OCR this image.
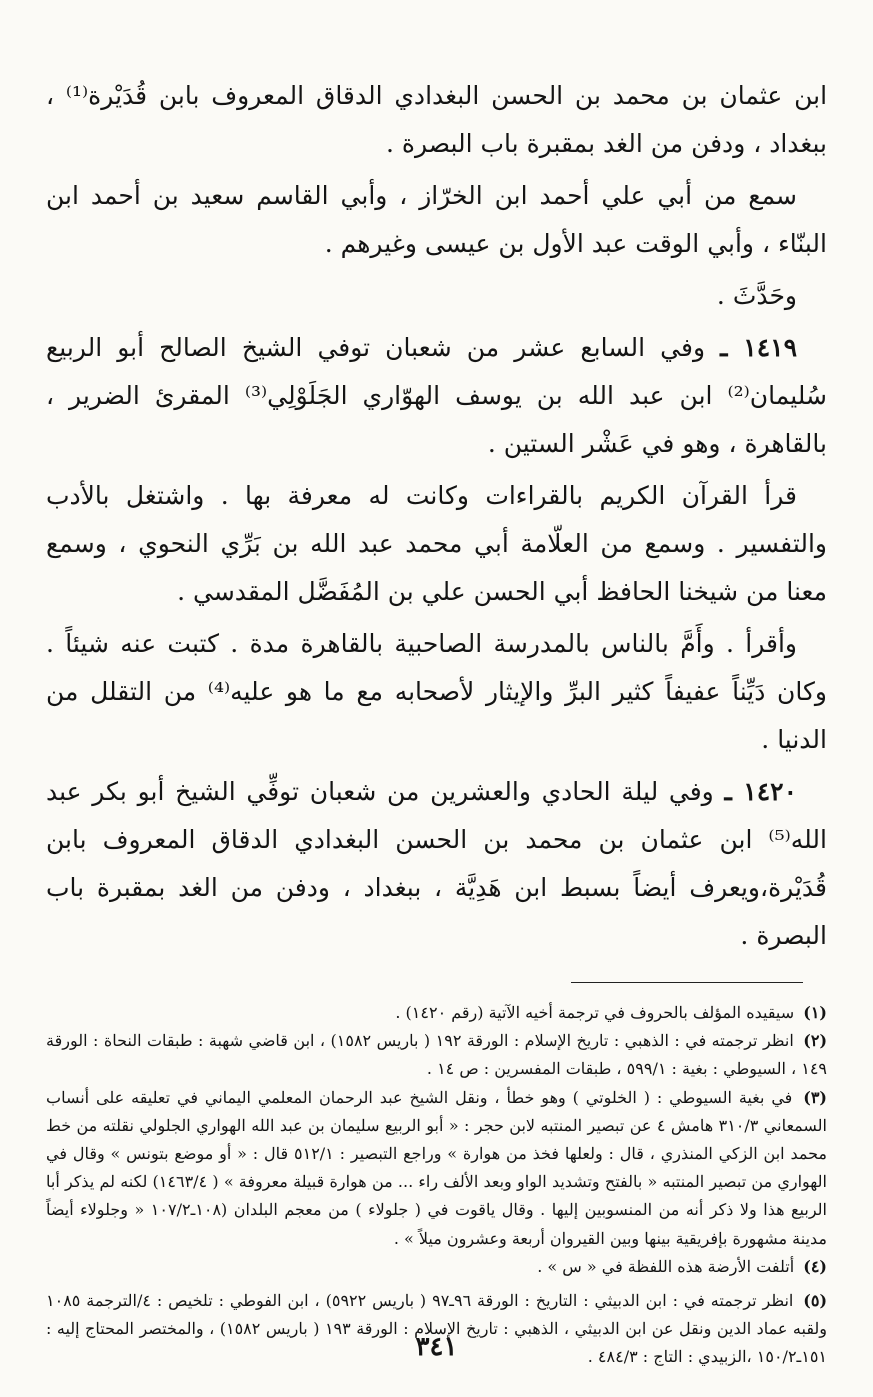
ابن عثمان بن محمد بن الحسن البغدادي الدقاق المعروف بابن قُدَيْرة⁽¹⁾ ، ببغداد ، ودفن من الغد بمقبرة باب البصرة .

سمع من أبي علي أحمد ابن الخرّاز ، وأبي القاسم سعيد بن أحمد ابن البنّاء ، وأبي الوقت عبد الأول بن عيسى وغيرهم .

وحَدَّثَ .

١٤١٩ ـ وفي السابع عشر من شعبان توفي الشيخ الصالح أبو الربيع سُليمان⁽²⁾ ابن عبد الله بن يوسف الهوّاري الجَلَوْلِي⁽³⁾ المقرئ الضرير ، بالقاهرة ، وهو في عَشْر الستين .

قرأ القرآن الكريم بالقراءات وكانت له معرفة بها . واشتغل بالأدب والتفسير . وسمع من العلّامة أبي محمد عبد الله بن بَرِّي النحوي ، وسمع معنا من شيخنا الحافظ أبي الحسن علي بن المُفَضَّل المقدسي .

وأقرأ . وأَمَّ بالناس بالمدرسة الصاحبية بالقاهرة مدة . كتبت عنه شيئاً . وكان دَيِّناً عفيفاً كثير البرِّ والإيثار لأصحابه مع ما هو عليه⁽⁴⁾ من التقلل من الدنيا .

١٤٢٠ ـ وفي ليلة الحادي والعشرين من شعبان توفِّي الشيخ أبو بكر عبد الله⁽⁵⁾ ابن عثمان بن محمد بن الحسن البغدادي الدقاق المعروف بابن قُدَيْرة،ويعرف أيضاً بسبط ابن هَدِيَّة ، ببغداد ، ودفن من الغد بمقبرة باب البصرة .

(١) سيقيده المؤلف بالحروف في ترجمة أخيه الآتية (رقم ١٤٢٠) .

(٢) انظر ترجمته في : الذهبي : تاريخ الإسلام : الورقة ١٩٢ ( باريس ١٥٨٢) ، ابن قاضي شهبة : طبقات النحاة : الورقة ١٤٩ ، السيوطي : بغية : ٥٩٩/١ ، طبقات المفسرين : ص ١٤ .

(٣) في بغية السيوطي : ( الخلوتي ) وهو خطأ ، ونقل الشيخ عبد الرحمان المعلمي اليماني في تعليقه على أنساب السمعاني ٣١٠/٣ هامش ٤ عن تبصير المنتبه لابن حجر : « أبو الربيع سليمان بن عبد الله الهواري الجلولي نقلته من خط محمد ابن الزكي المنذري ، قال : ولعلها فخذ من هوارة » وراجع التبصير : ٥١٢/١ قال : « أو موضع بتونس » وقال في الهواري من تبصير المنتبه « بالفتح وتشديد الواو وبعد الألف راء ... من هوارة قبيلة معروفة » ( ١٤٦٣/٤) لكنه لم يذكر أبا الربيع هذا ولا ذكر أنه من المنسوبين إليها . وقال ياقوت في ( جلولاء ) من معجم البلدان (١٠٨ـ١٠٧/٢ « وجلولاء أيضاً مدينة مشهورة بإفريقية بينها وبين القيروان أربعة وعشرون ميلاً » .

(٤) أتلفت الأرضة هذه اللفظة في « س » .

(٥) انظر ترجمته في : ابن الدبيثي : التاريخ : الورقة ٩٦ـ٩٧ ( باريس ٥٩٢٢) ، ابن الفوطي : تلخيص : ٤/الترجمة ١٠٨٥ ولقبه عماد الدين ونقل عن ابن الدبيثي ، الذهبي : تاريخ الإسلام : الورقة ١٩٣ ( باريس ١٥٨٢) ، والمختصر المحتاج إليه : ١٥١ـ١٥٠/٢ ،الزبيدي : التاج : ٤٨٤/٣ .

٣٤١
